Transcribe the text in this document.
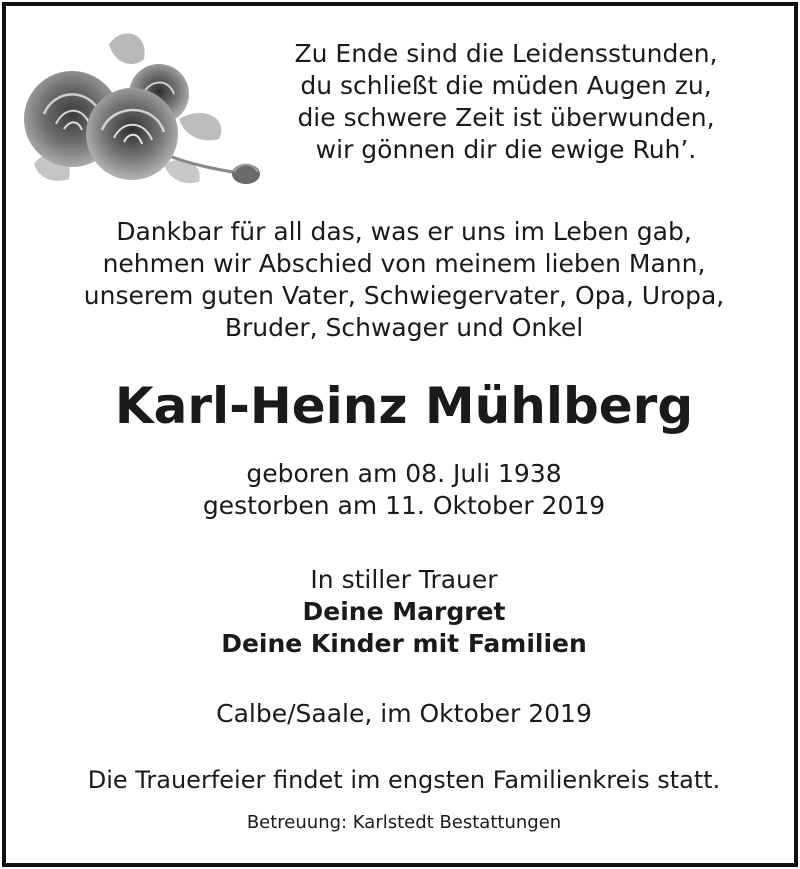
Zu Ende sind die Leidensstunden,
du schließt die müden Augen zu,
die schwere Zeit ist überwunden,
wir gönnen dir die ewige Ruh’.
Dankbar für all das, was er uns im Leben gab,
nehmen wir Abschied von meinem lieben Mann,
unserem guten Vater, Schwiegervater, Opa, Uropa,
Bruder, Schwager und Onkel
Karl-Heinz Mühlberg
geboren am 08. Juli 1938
gestorben am 11. Oktober 2019
In stiller Trauer
Deine Margret
Deine Kinder mit Familien
Calbe/Saale, im Oktober 2019
Die Trauerfeier findet im engsten Familienkreis statt.
Betreuung: Karlstedt Bestattungen
